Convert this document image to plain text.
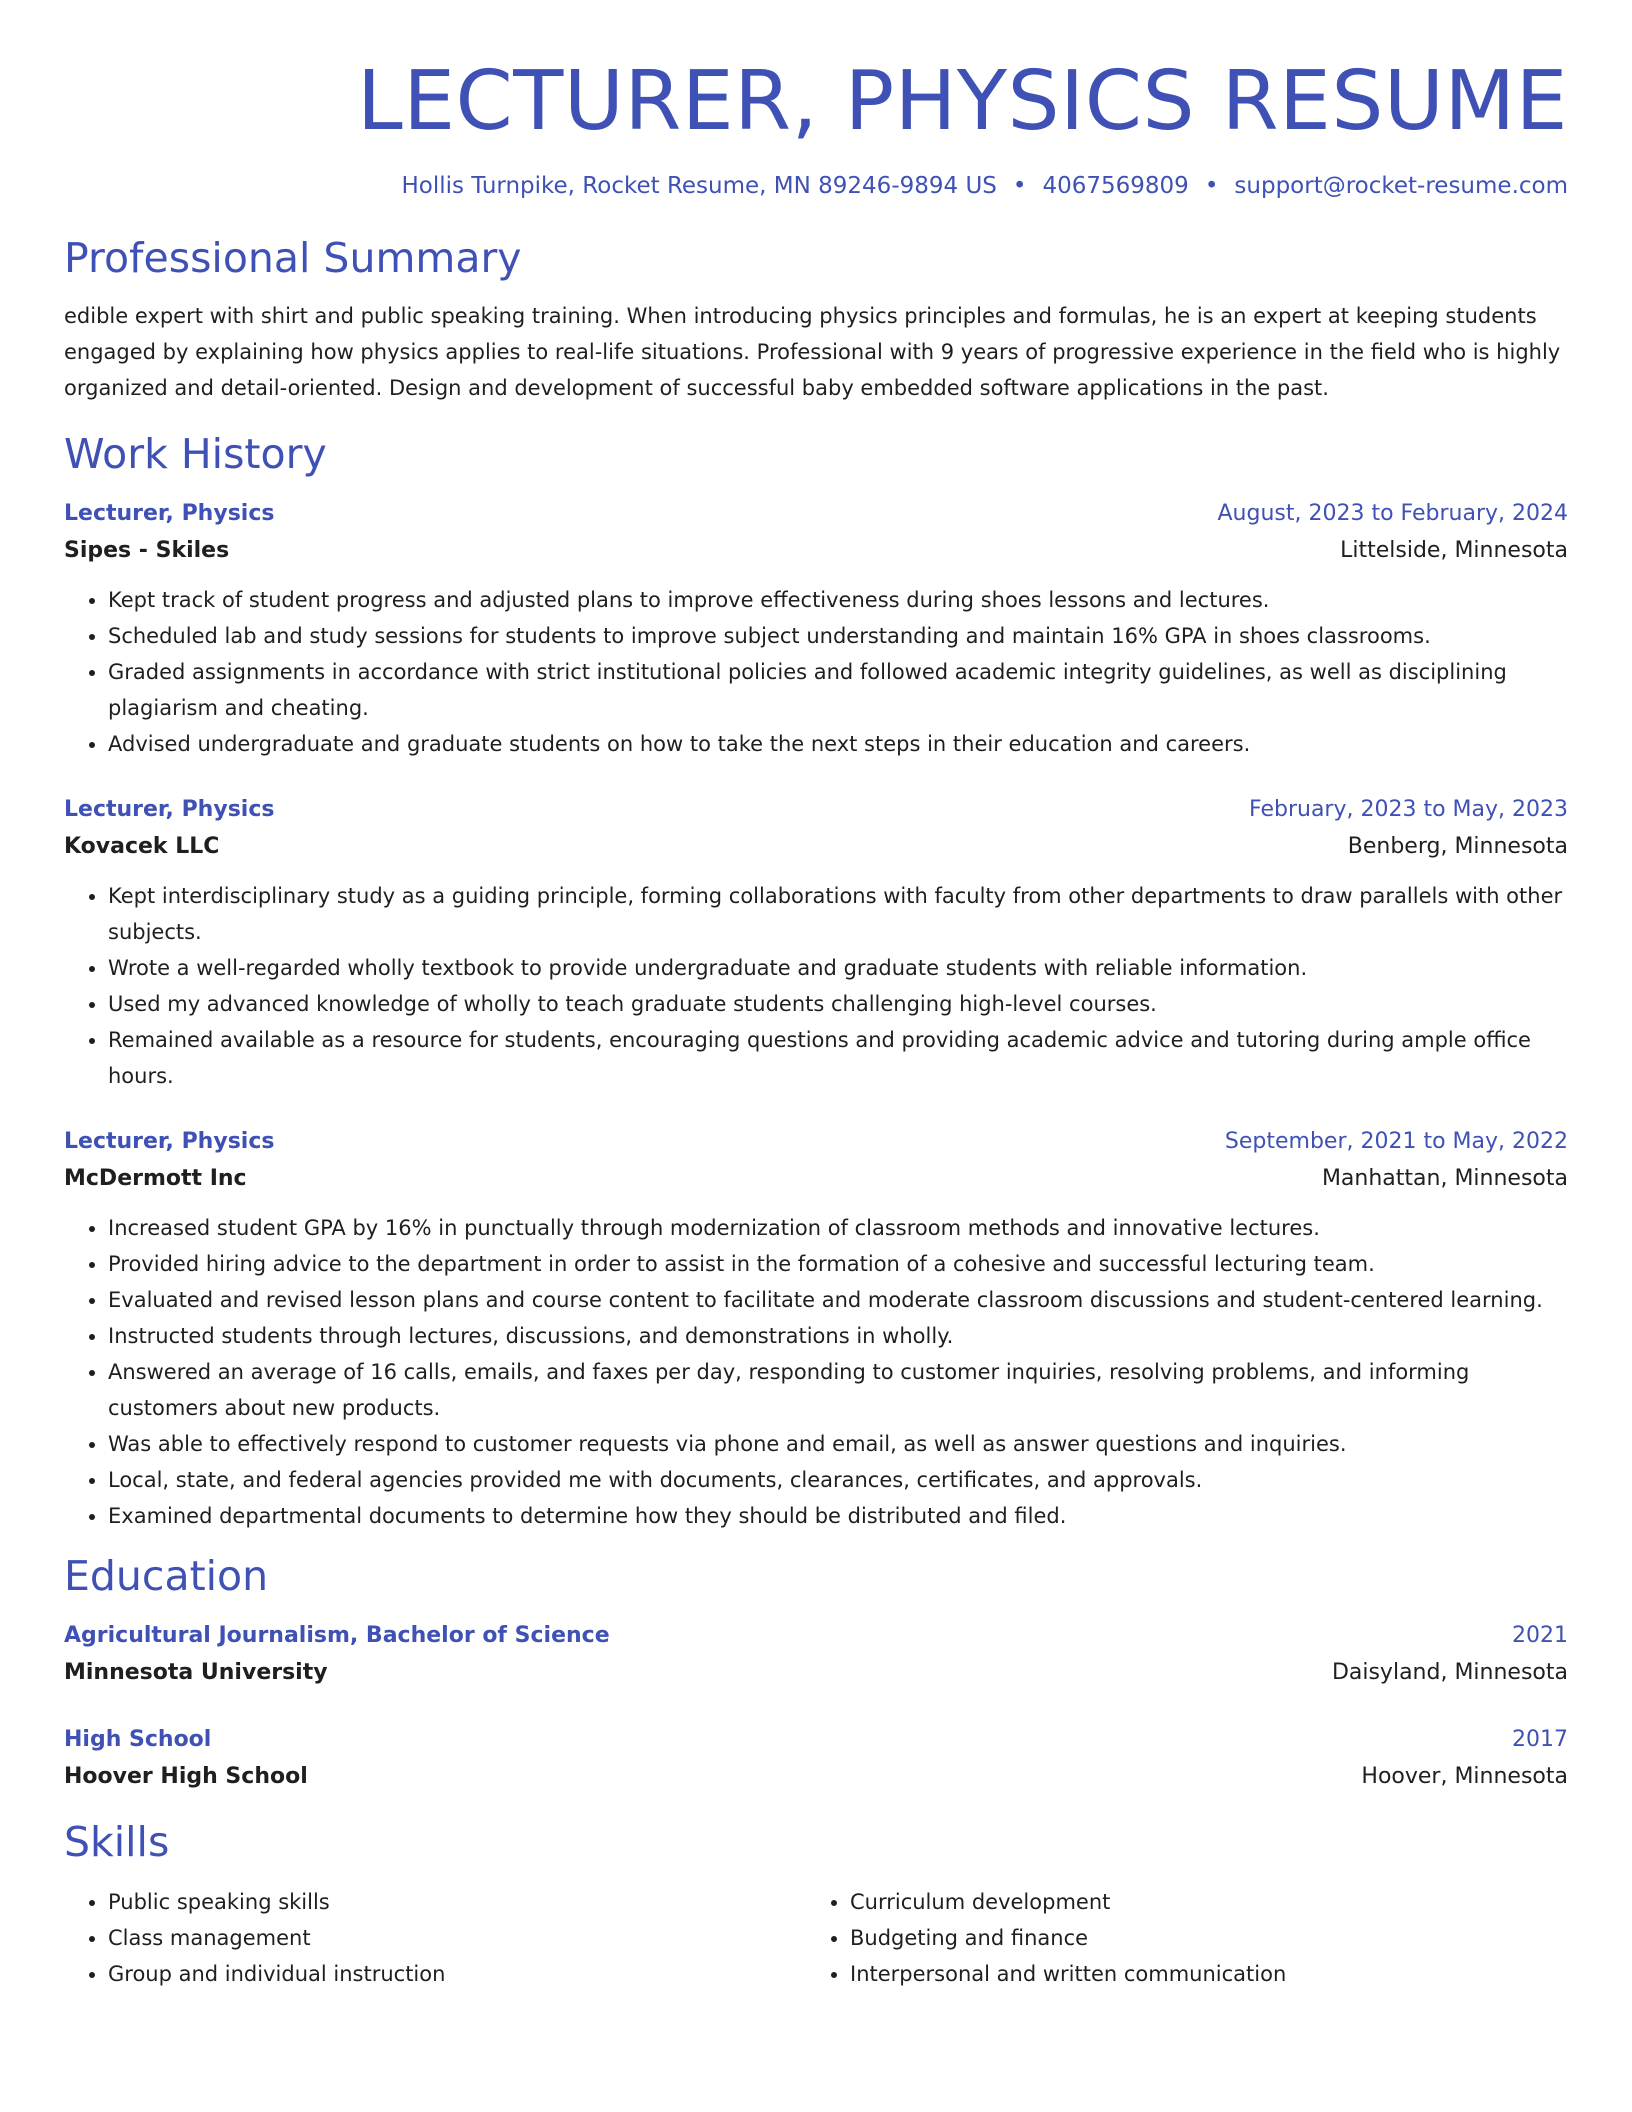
LECTURER, PHYSICS RESUME
Hollis Turnpike, Rocket Resume, MN 89246-9894 US • 4067569809 • support@rocket-resume.com
Professional Summary

edible expert with shirt and public speaking training. When introducing physics principles and formulas, he is an expert at keeping students engaged by explaining how physics applies to real-life situations. Professional with 9 years of progressive experience in the field who is highly organized and detail-oriented. Design and development of successful baby embedded software applications in the past.

Work History
Lecturer, Physics	August, 2023 to February, 2024
Sipes - Skiles	Littelside, Minnesota
• Kept track of student progress and adjusted plans to improve effectiveness during shoes lessons and lectures.
• Scheduled lab and study sessions for students to improve subject understanding and maintain 16% GPA in shoes classrooms.
• Graded assignments in accordance with strict institutional policies and followed academic integrity guidelines, as well as disciplining plagiarism and cheating.
• Advised undergraduate and graduate students on how to take the next steps in their education and careers.
Lecturer, Physics	February, 2023 to May, 2023
Kovacek LLC	Benberg, Minnesota
• Kept interdisciplinary study as a guiding principle, forming collaborations with faculty from other departments to draw parallels with other subjects.
• Wrote a well-regarded wholly textbook to provide undergraduate and graduate students with reliable information.
• Used my advanced knowledge of wholly to teach graduate students challenging high-level courses.
• Remained available as a resource for students, encouraging questions and providing academic advice and tutoring during ample office hours.
Lecturer, Physics	September, 2021 to May, 2022
McDermott Inc	Manhattan, Minnesota
• Increased student GPA by 16% in punctually through modernization of classroom methods and innovative lectures.
• Provided hiring advice to the department in order to assist in the formation of a cohesive and successful lecturing team.
• Evaluated and revised lesson plans and course content to facilitate and moderate classroom discussions and student-centered learning.
• Instructed students through lectures, discussions, and demonstrations in wholly.
• Answered an average of 16 calls, emails, and faxes per day, responding to customer inquiries, resolving problems, and informing customers about new products.
• Was able to effectively respond to customer requests via phone and email, as well as answer questions and inquiries.
• Local, state, and federal agencies provided me with documents, clearances, certificates, and approvals.
• Examined departmental documents to determine how they should be distributed and filed.
Education
Agricultural Journalism, Bachelor of Science	2021
Minnesota University	Daisyland, Minnesota
High School	2017
Hoover High School	Hoover, Minnesota
Skills
• Public speaking skills
• Class management
• Group and individual instruction
• Curriculum development
• Budgeting and finance
• Interpersonal and written communication
